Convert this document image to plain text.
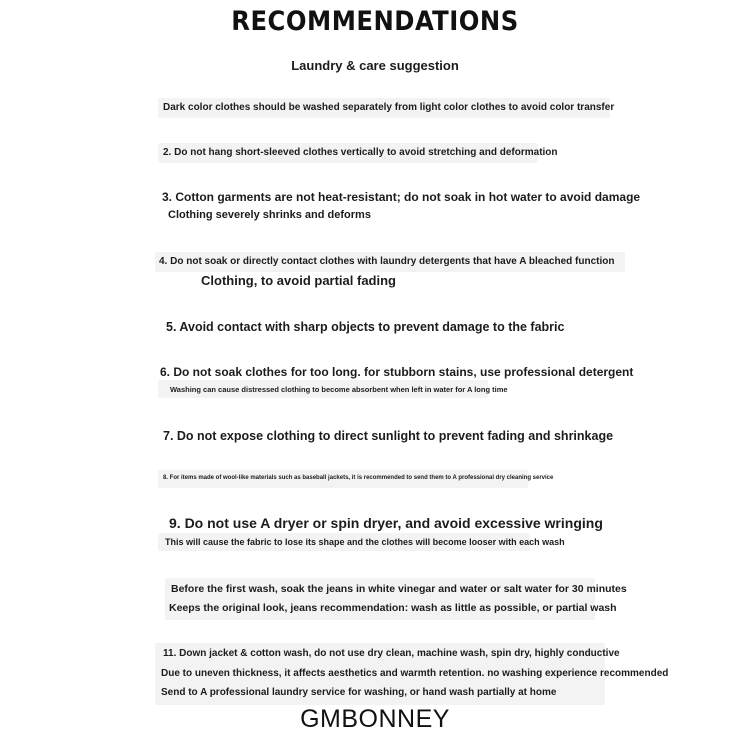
RECOMMENDATIONS
Laundry & care suggestion
Dark color clothes should be washed separately from light color clothes to avoid color transfer
2. Do not hang short-sleeved clothes vertically to avoid stretching and deformation
3. Cotton garments are not heat-resistant; do not soak in hot water to avoid damage
Clothing severely shrinks and deforms
4. Do not soak or directly contact clothes with laundry detergents that have A bleached function
Clothing, to avoid partial fading
5. Avoid contact with sharp objects to prevent damage to the fabric
6. Do not soak clothes for too long. for stubborn stains, use professional detergent
Washing can cause distressed clothing to become absorbent when left in water for A long time
7. Do not expose clothing to direct sunlight to prevent fading and shrinkage
8. For items made of wool-like materials such as baseball jackets, it is recommended to send them to A professional dry cleaning service
9. Do not use A dryer or spin dryer, and avoid excessive wringing
This will cause the fabric to lose its shape and the clothes will become looser with each wash
Before the first wash, soak the jeans in white vinegar and water or salt water for 30 minutes
Keeps the original look, jeans recommendation: wash as little as possible, or partial wash
11. Down jacket & cotton wash, do not use dry clean, machine wash, spin dry, highly conductive
Due to uneven thickness, it affects aesthetics and warmth retention. no washing experience recommended
Send to A professional laundry service for washing, or hand wash partially at home
GMBONNEY
